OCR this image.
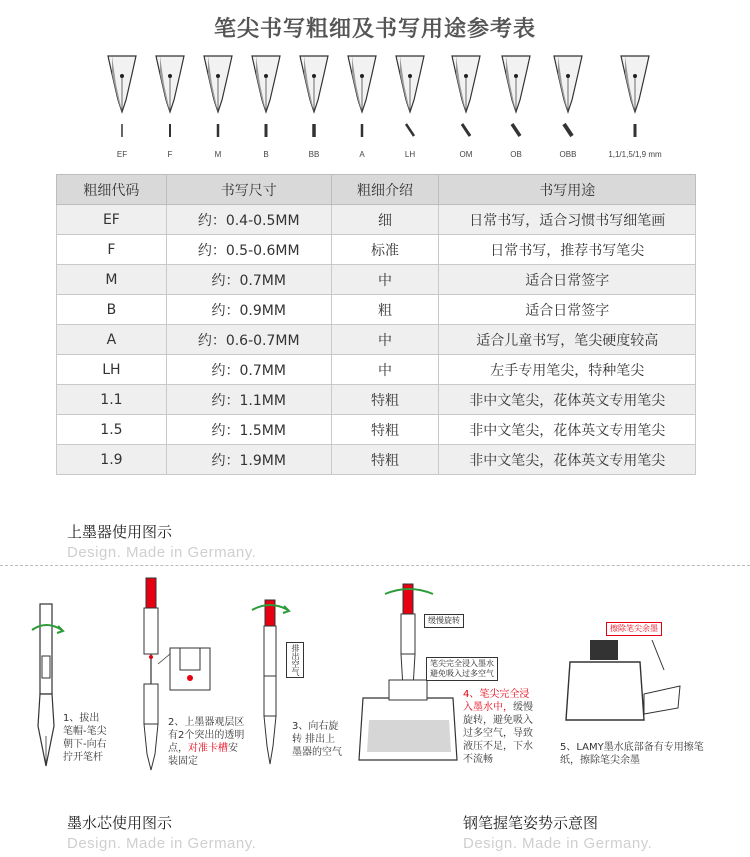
笔尖书写粗细及书写用途参考表
EF	F	M	B	BB	A	LH	OM	OB	OBB	1,1/1,5/1,9 mm
粗细代码	书写尺寸	粗细介绍	书写用途
EF	约：0.4-0.5MM	细	日常书写，适合习惯书写细笔画
F	约：0.5-0.6MM	标准	日常书写，推荐书写笔尖
M	约：0.7MM	中	适合日常签字
B	约：0.9MM	粗	适合日常签字
A	约：0.6-0.7MM	中	适合儿童书写，笔尖硬度较高
LH	约：0.7MM	中	左手专用笔尖，特种笔尖
1.1	约：1.1MM	特粗	非中文笔尖，花体英文专用笔尖
1.5	约：1.5MM	特粗	非中文笔尖，花体英文专用笔尖
1.9	约：1.9MM	特粗	非中文笔尖，花体英文专用笔尖
上墨器使用图示
Design. Made in Germany.
1、拔出
笔帽-笔尖
朝下-向右
拧开笔杆
2、上墨器观层区
有2个突出的透明
点，对准卡槽安
装固定
排出空气
3、向右旋
转 排出上
墨器的空气
缓慢旋转
笔尖完全浸入墨水
避免吸入过多空气
4、笔尖完全浸
入墨水中，缓慢
旋转，避免吸入
过多空气，导致
液压不足，下水
不流畅
擦除笔尖余墨
5、LAMY墨水底部备有专用擦笔
纸，擦除笔尖余墨
墨水芯使用图示
Design. Made in Germany.
钢笔握笔姿势示意图
Design. Made in Germany.
